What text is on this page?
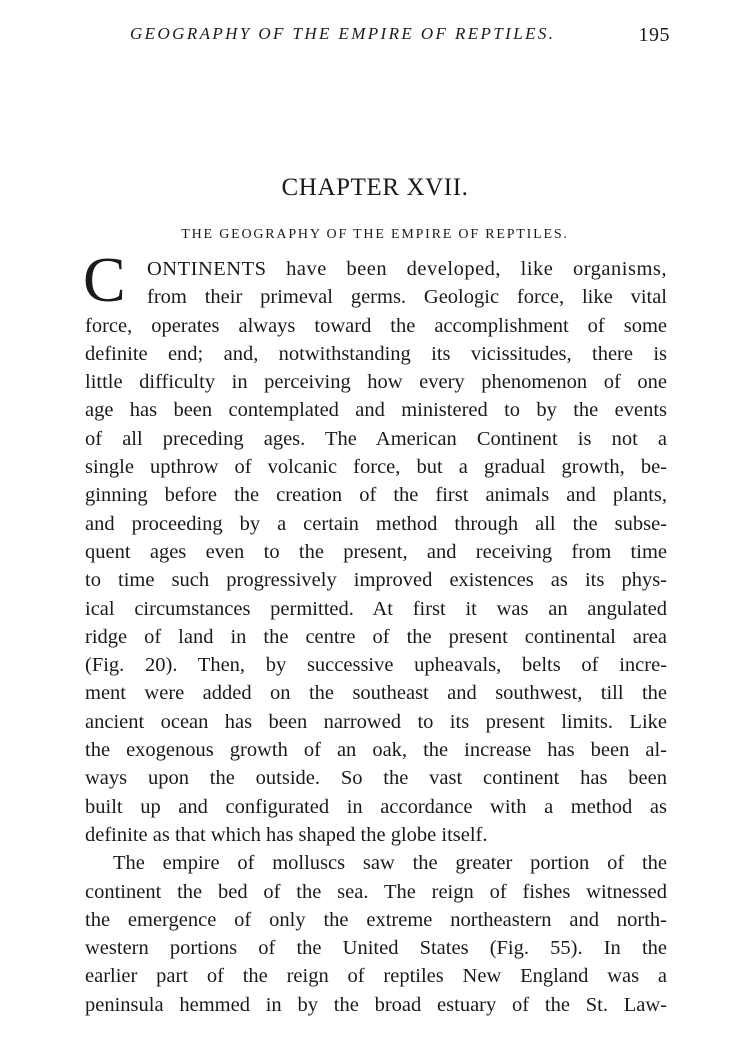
GEOGRAPHY OF THE EMPIRE OF REPTILES.	195
CHAPTER XVII.
THE GEOGRAPHY OF THE EMPIRE OF REPTILES.
C	ONTINENTS have been developed, like organisms,
from their primeval germs. Geologic force, like vital
force, operates always toward the accomplishment of some
definite end; and, notwithstanding its vicissitudes, there is
little difficulty in perceiving how every phenomenon of one
age has been contemplated and ministered to by the events
of all preceding ages. The American Continent is not a
single upthrow of volcanic force, but a gradual growth, be-
ginning before the creation of the first animals and plants,
and proceeding by a certain method through all the subse-
quent ages even to the present, and receiving from time
to time such progressively improved existences as its phys-
ical circumstances permitted. At first it was an angulated
ridge of land in the centre of the present continental area
(Fig. 20). Then, by successive upheavals, belts of incre-
ment were added on the southeast and southwest, till the
ancient ocean has been narrowed to its present limits. Like
the exogenous growth of an oak, the increase has been al-
ways upon the outside. So the vast continent has been
built up and configurated in accordance with a method as
definite as that which has shaped the globe itself.
The empire of molluscs saw the greater portion of the
continent the bed of the sea. The reign of fishes witnessed
the emergence of only the extreme northeastern and north-
western portions of the United States (Fig. 55). In the
earlier part of the reign of reptiles New England was a
peninsula hemmed in by the broad estuary of the St. Law-
